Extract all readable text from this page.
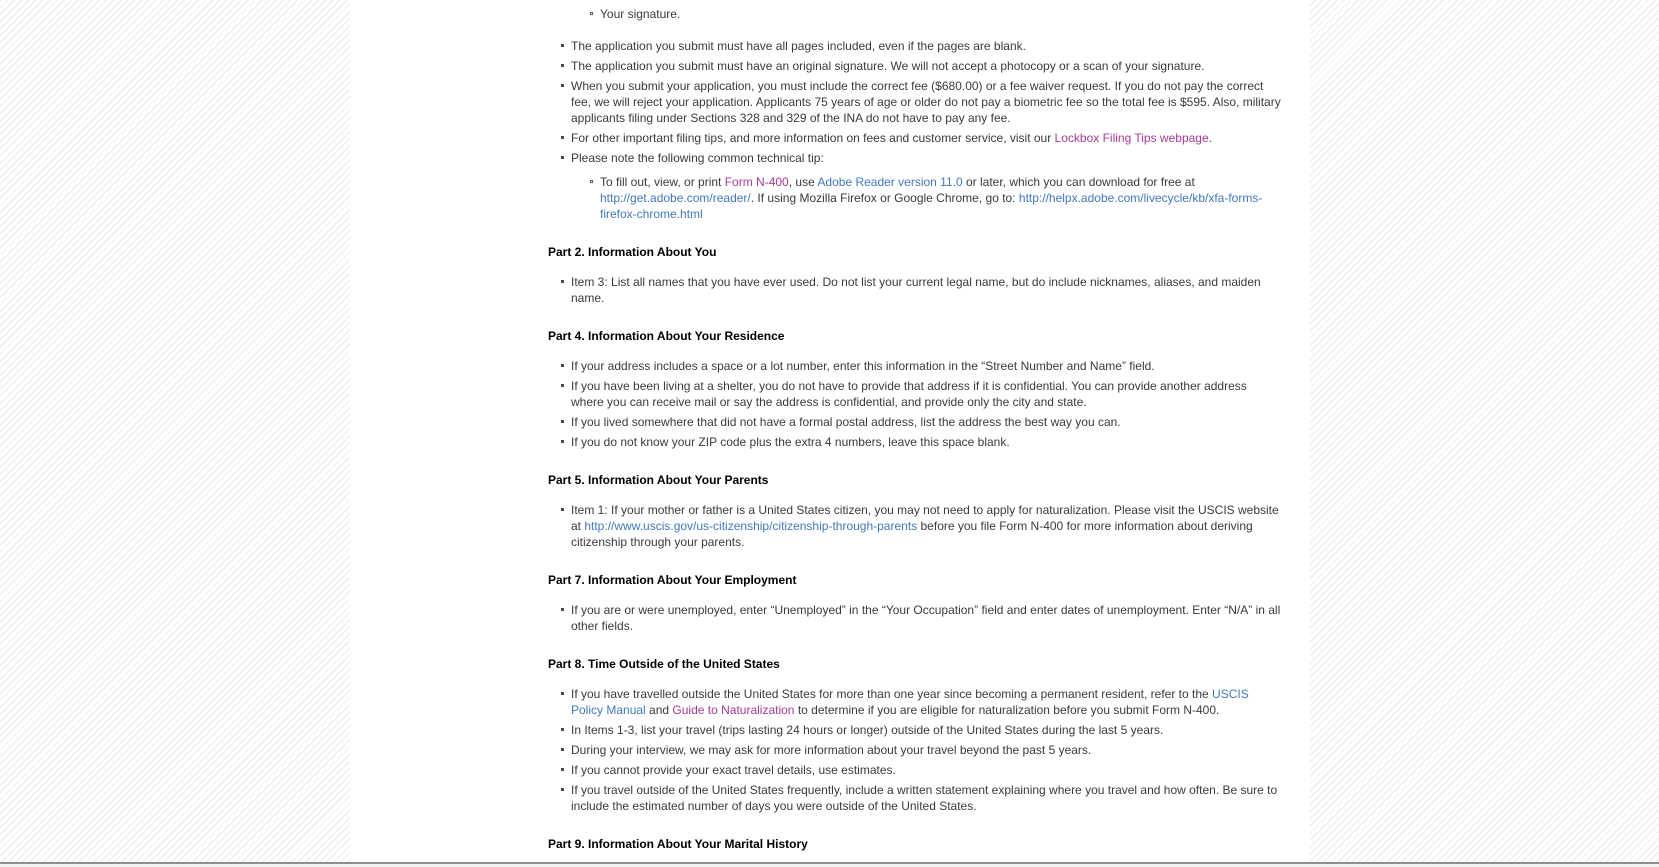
Your signature.
The application you submit must have all pages included, even if the pages are blank.
The application you submit must have an original signature. We will not accept a photocopy or a scan of your signature.
When you submit your application, you must include the correct fee ($680.00) or a fee waiver request. If you do not pay the correct fee, we will reject your application. Applicants 75 years of age or older do not pay a biometric fee so the total fee is $595. Also, military applicants filing under Sections 328 and 329 of the INA do not have to pay any fee.
For other important filing tips, and more information on fees and customer service, visit our Lockbox Filing Tips webpage.
Please note the following common technical tip:
To fill out, view, or print Form N-400, use Adobe Reader version 11.0 or later, which you can download for free at http://get.adobe.com/reader/. If using Mozilla Firefox or Google Chrome, go to: http://helpx.adobe.com/livecycle/kb/xfa-forms-firefox-chrome.html
Part 2. Information About You
Item 3: List all names that you have ever used. Do not list your current legal name, but do include nicknames, aliases, and maiden name.
Part 4. Information About Your Residence
If your address includes a space or a lot number, enter this information in the “Street Number and Name” field.
If you have been living at a shelter, you do not have to provide that address if it is confidential. You can provide another address where you can receive mail or say the address is confidential, and provide only the city and state.
If you lived somewhere that did not have a formal postal address, list the address the best way you can.
If you do not know your ZIP code plus the extra 4 numbers, leave this space blank.
Part 5. Information About Your Parents
Item 1: If your mother or father is a United States citizen, you may not need to apply for naturalization. Please visit the USCIS website at http://www.uscis.gov/us-citizenship/citizenship-through-parents before you file Form N-400 for more information about deriving citizenship through your parents.
Part 7. Information About Your Employment
If you are or were unemployed, enter “Unemployed” in the “Your Occupation” field and enter dates of unemployment. Enter “N/A” in all other fields.
Part 8. Time Outside of the United States
If you have travelled outside the United States for more than one year since becoming a permanent resident, refer to the USCIS Policy Manual and Guide to Naturalization to determine if you are eligible for naturalization before you submit Form N-400.
In Items 1-3, list your travel (trips lasting 24 hours or longer) outside of the United States during the last 5 years.
During your interview, we may ask for more information about your travel beyond the past 5 years.
If you cannot provide your exact travel details, use estimates.
If you travel outside of the United States frequently, include a written statement explaining where you travel and how often. Be sure to include the estimated number of days you were outside of the United States.
Part 9. Information About Your Marital History
